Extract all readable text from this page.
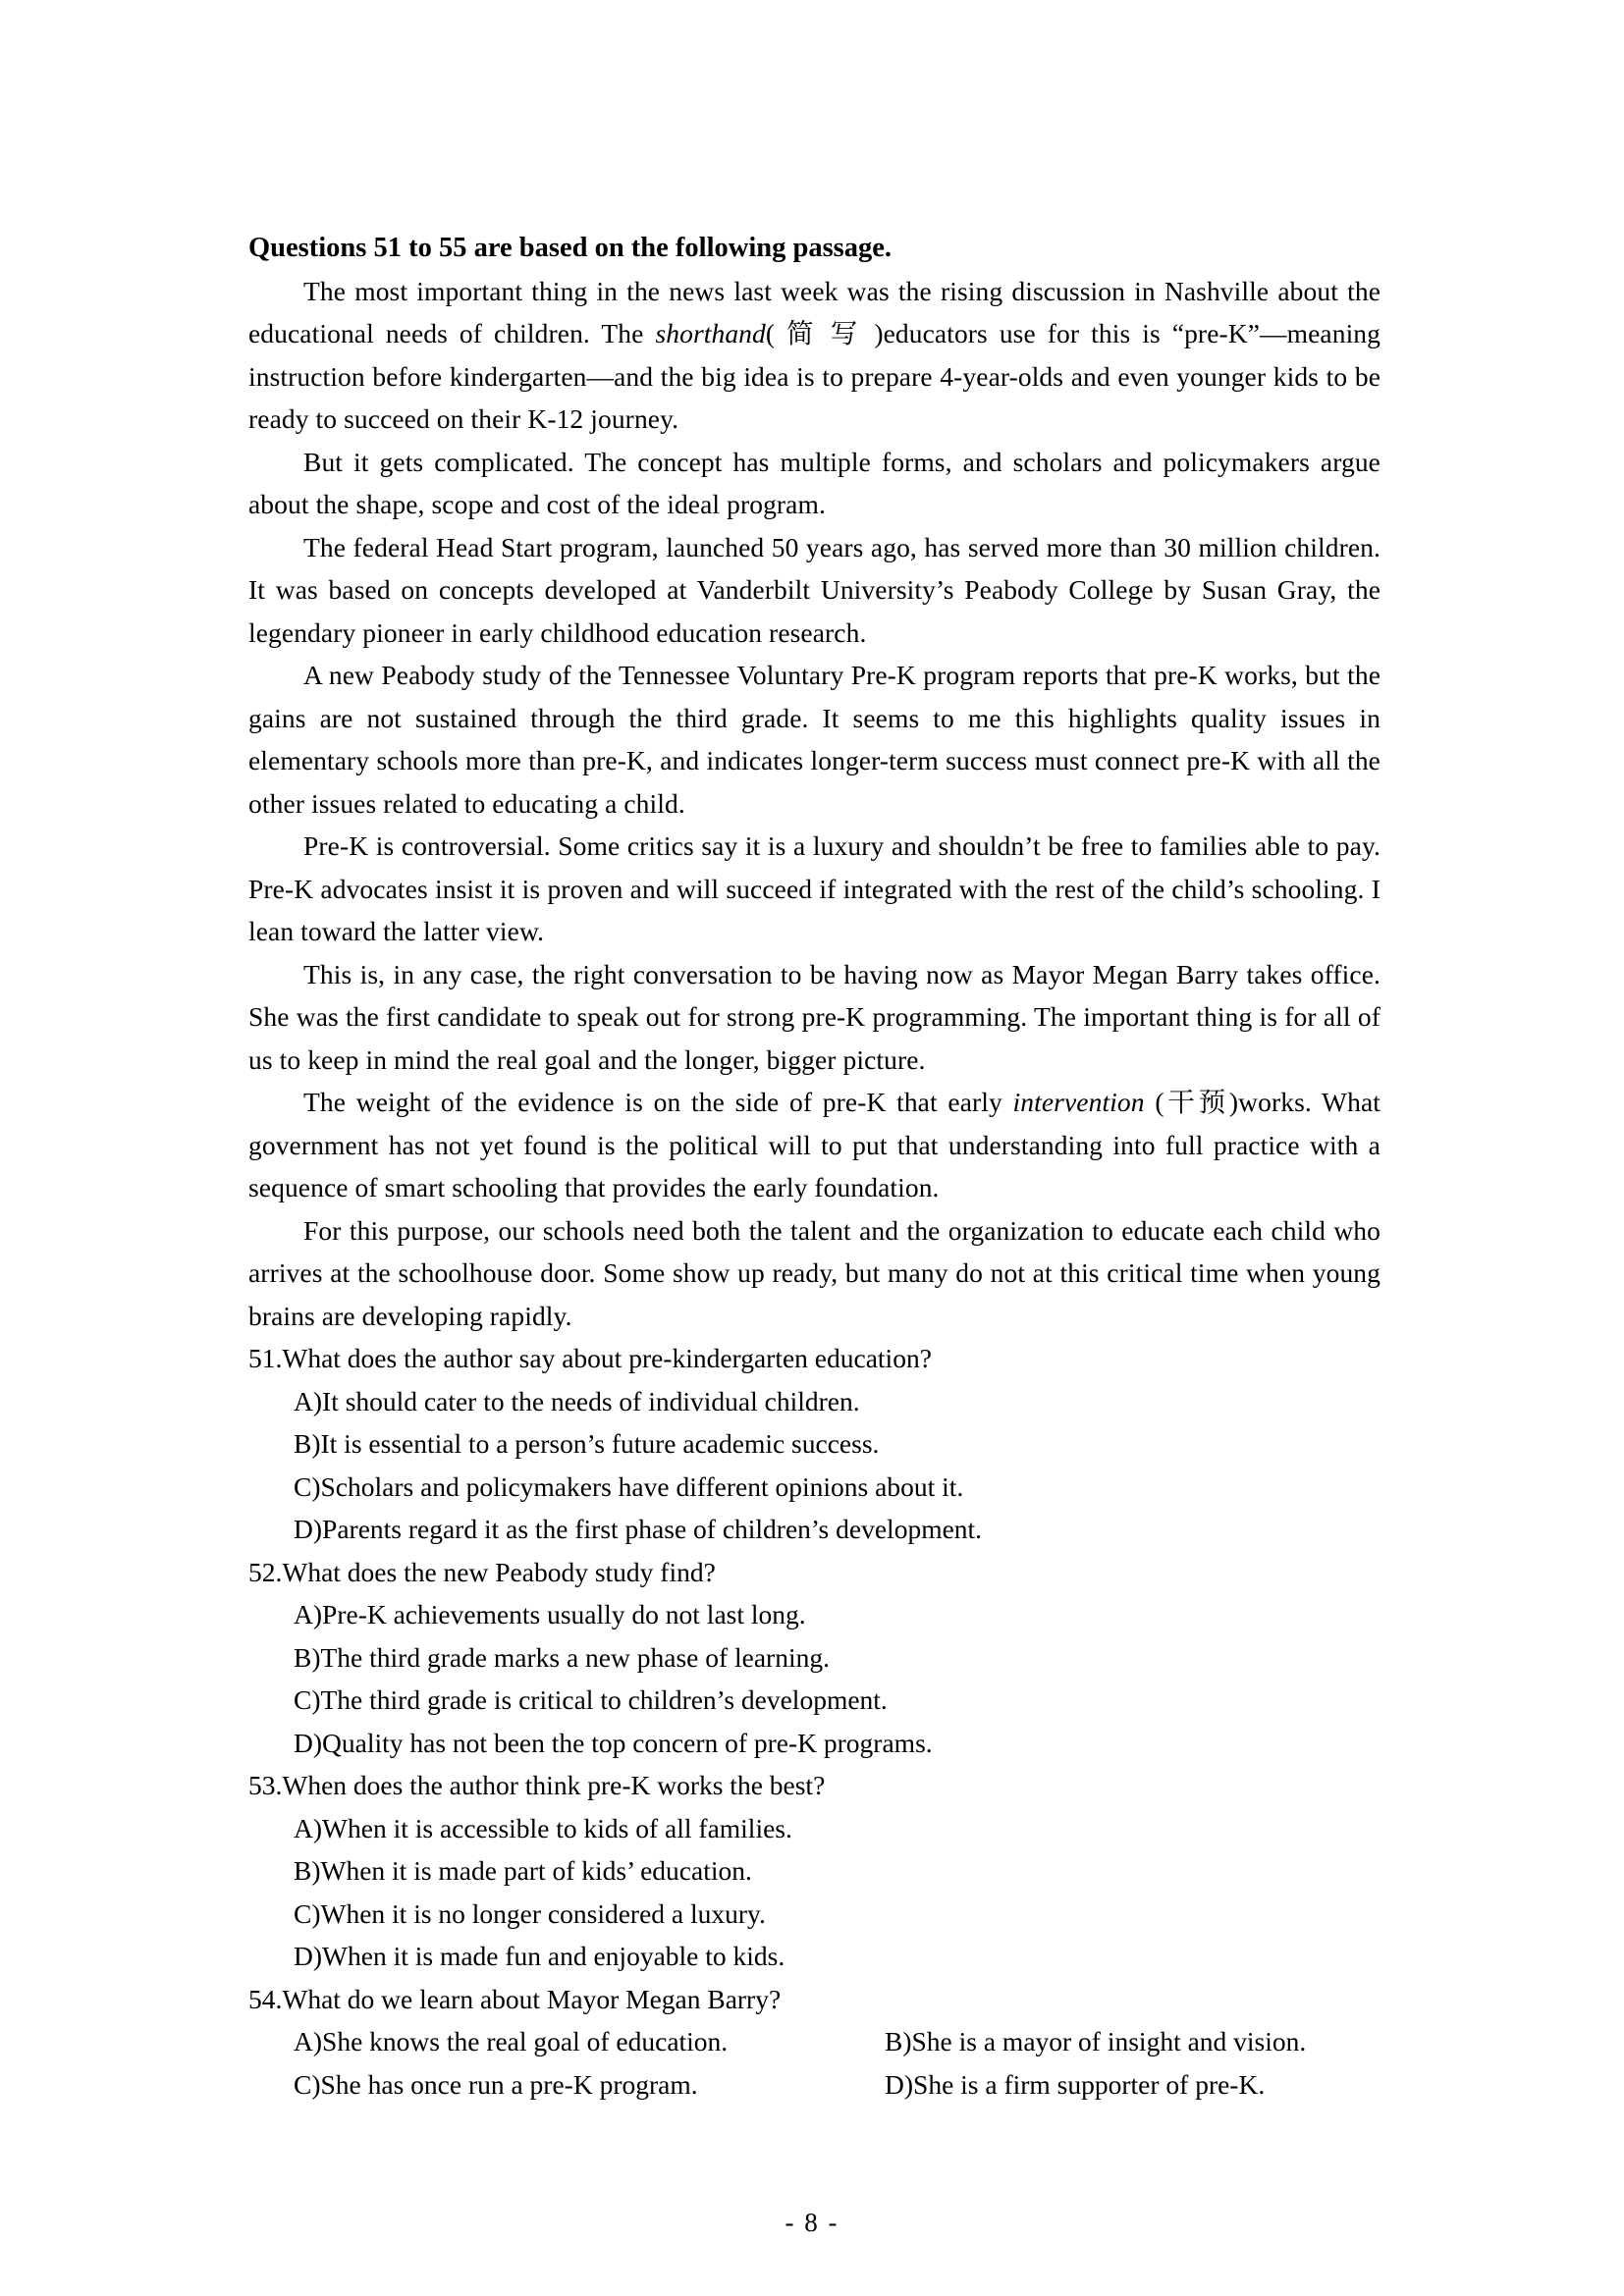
Questions 51 to 55 are based on the following passage.

The most important thing in the news last week was the rising discussion in Nashville about the educational needs of children. The shorthand( 简 写 )educators use for this is “pre-K”—meaning instruction before kindergarten—and the big idea is to prepare 4-year-olds and even younger kids to be ready to succeed on their K-12 journey.

But it gets complicated. The concept has multiple forms, and scholars and policymakers argue about the shape, scope and cost of the ideal program.

The federal Head Start program, launched 50 years ago, has served more than 30 million children. It was based on concepts developed at Vanderbilt University’s Peabody College by Susan Gray, the legendary pioneer in early childhood education research.

A new Peabody study of the Tennessee Voluntary Pre-K program reports that pre-K works, but the gains are not sustained through the third grade. It seems to me this highlights quality issues in elementary schools more than pre-K, and indicates longer-term success must connect pre-K with all the other issues related to educating a child.

Pre-K is controversial. Some critics say it is a luxury and shouldn’t be free to families able to pay. Pre-K advocates insist it is proven and will succeed if integrated with the rest of the child’s schooling. I lean toward the latter view.

This is, in any case, the right conversation to be having now as Mayor Megan Barry takes office. She was the first candidate to speak out for strong pre-K programming. The important thing is for all of us to keep in mind the real goal and the longer, bigger picture.

The weight of the evidence is on the side of pre-K that early intervention (干预)works. What government has not yet found is the political will to put that understanding into full practice with a sequence of smart schooling that provides the early foundation.

For this purpose, our schools need both the talent and the organization to educate each child who arrives at the schoolhouse door. Some show up ready, but many do not at this critical time when young brains are developing rapidly.

51.What does the author say about pre-kindergarten education?
A)It should cater to the needs of individual children.
B)It is essential to a person’s future academic success.
C)Scholars and policymakers have different opinions about it.
D)Parents regard it as the first phase of children’s development.
52.What does the new Peabody study find?
A)Pre-K achievements usually do not last long.
B)The third grade marks a new phase of learning.
C)The third grade is critical to children’s development.
D)Quality has not been the top concern of pre-K programs.
53.When does the author think pre-K works the best?
A)When it is accessible to kids of all families.
B)When it is made part of kids’ education.
C)When it is no longer considered a luxury.
D)When it is made fun and enjoyable to kids.
54.What do we learn about Mayor Megan Barry?
A)She knows the real goal of education.	B)She is a mayor of insight and vision.
C)She has once run a pre-K program.	D)She is a firm supporter of pre-K.
- 8 -
